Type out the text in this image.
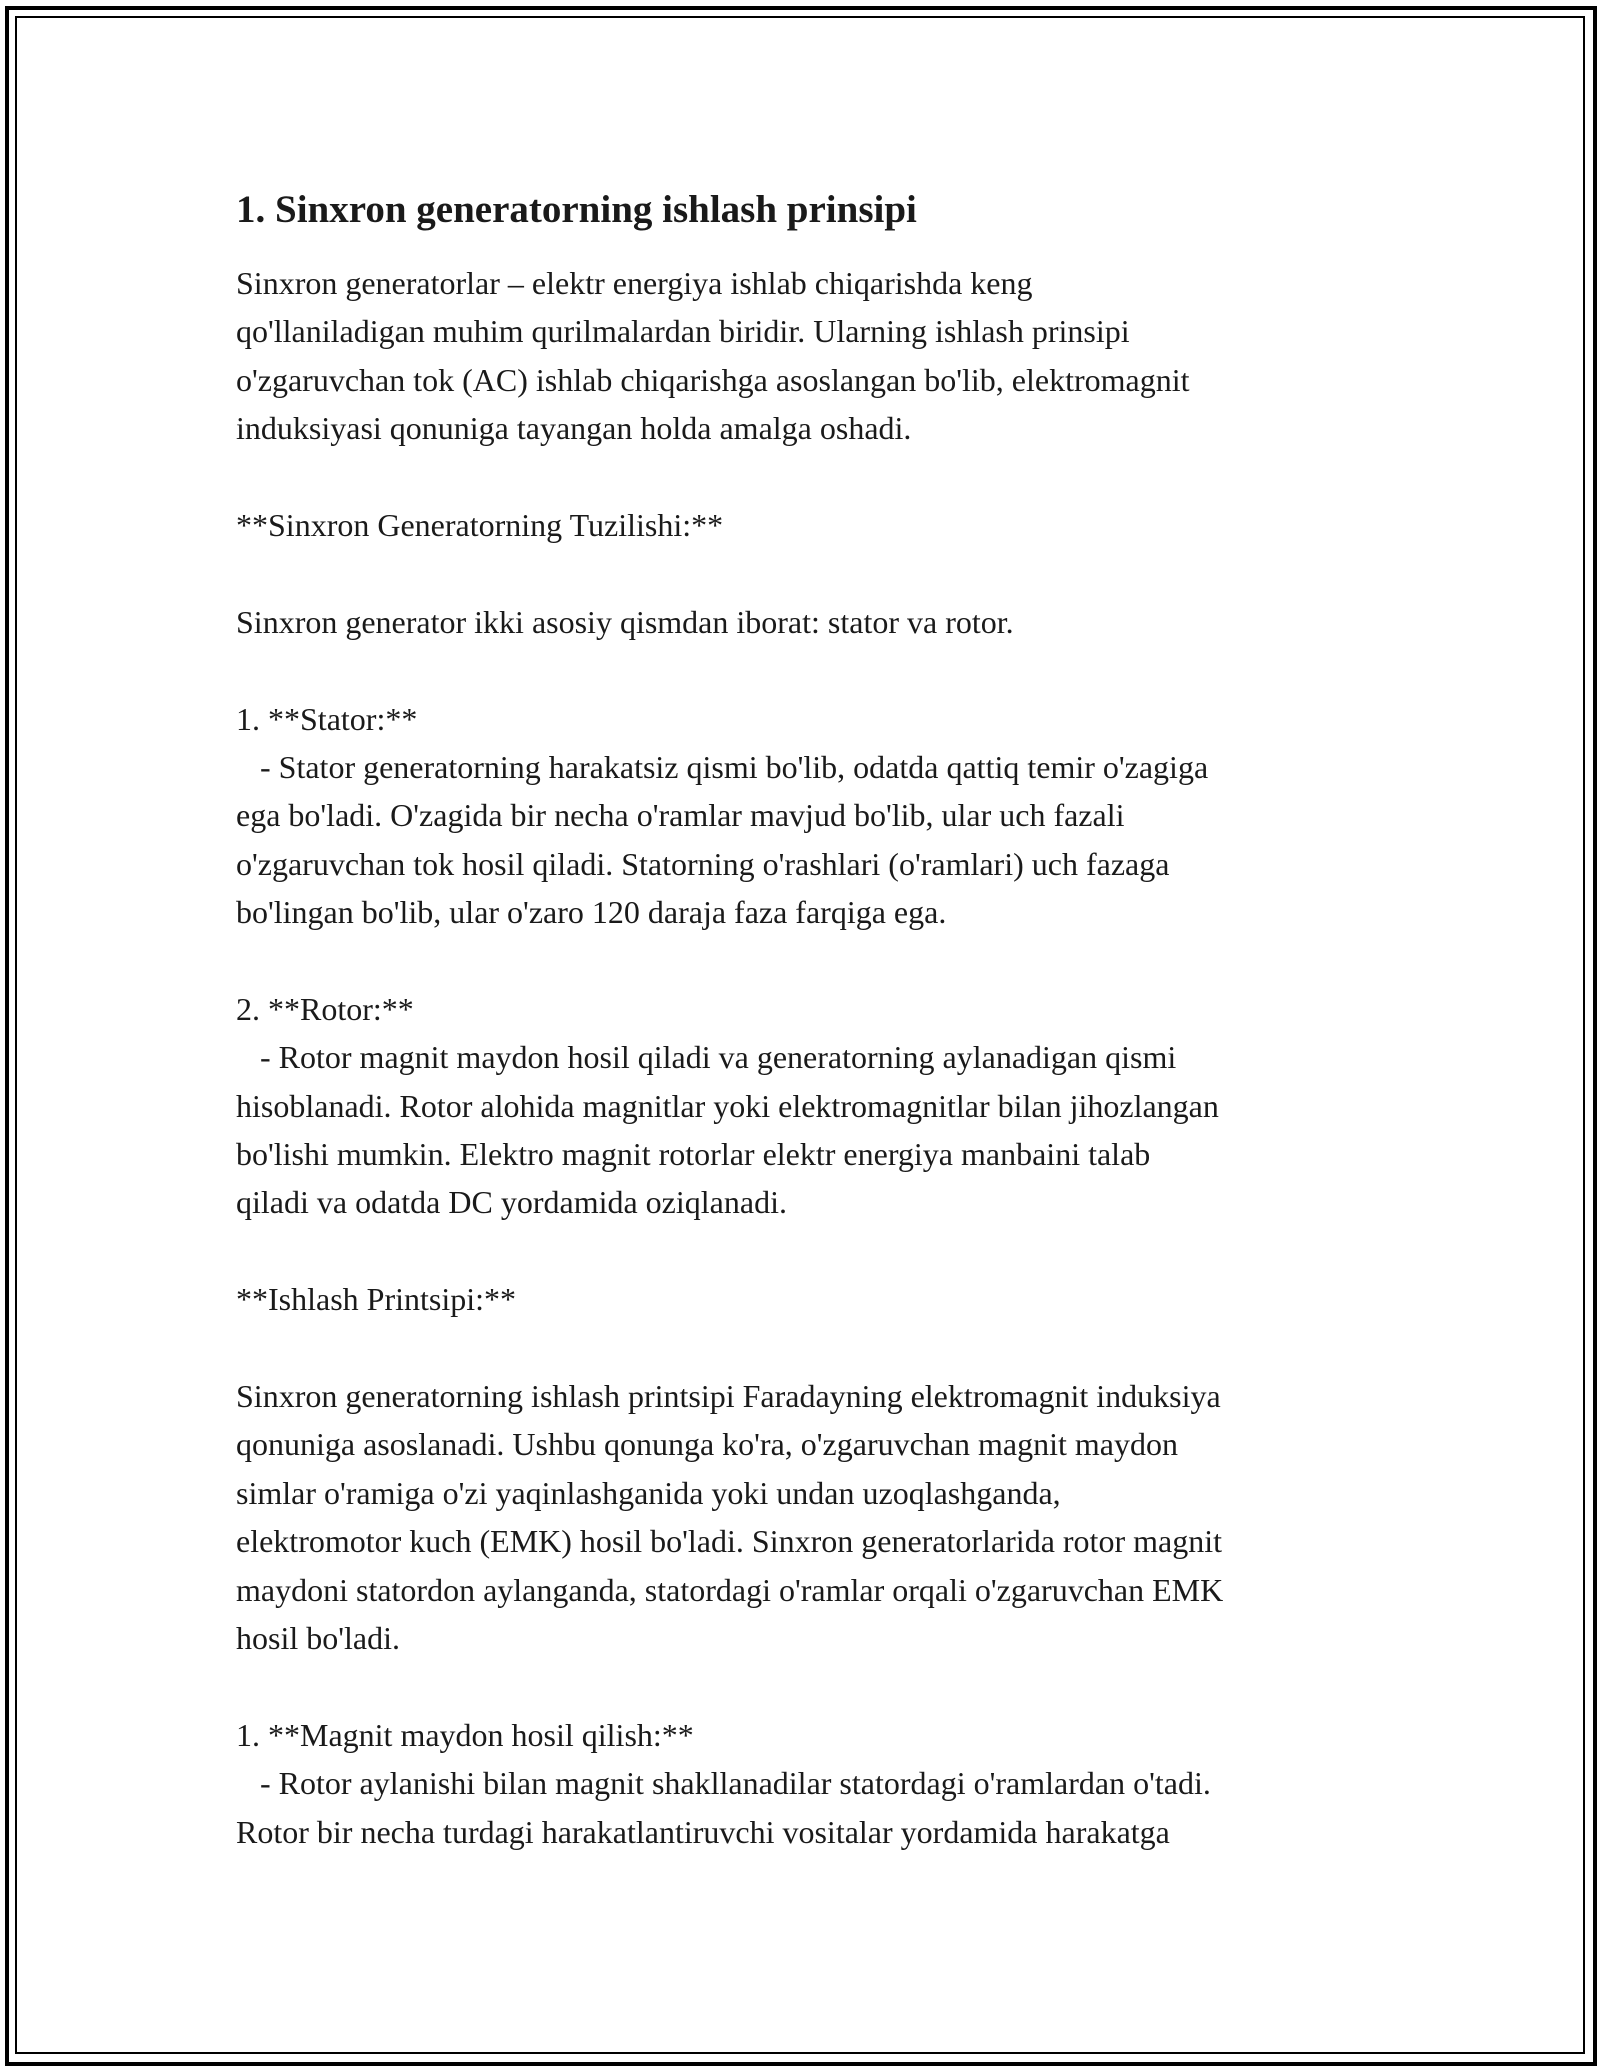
1. Sinxron generatorning ishlash prinsipi
Sinxron generatorlar – elektr energiya ishlab chiqarishda keng
qo'llaniladigan muhim qurilmalardan biridir. Ularning ishlash prinsipi
o'zgaruvchan tok (AC) ishlab chiqarishga asoslangan bo'lib, elektromagnit
induksiyasi qonuniga tayangan holda amalga oshadi.
**Sinxron Generatorning Tuzilishi:**
Sinxron generator ikki asosiy qismdan iborat: stator va rotor.
1. **Stator:**
- Stator generatorning harakatsiz qismi bo'lib, odatda qattiq temir o'zagiga
ega bo'ladi. O'zagida bir necha o'ramlar mavjud bo'lib, ular uch fazali
o'zgaruvchan tok hosil qiladi. Statorning o'rashlari (o'ramlari) uch fazaga
bo'lingan bo'lib, ular o'zaro 120 daraja faza farqiga ega.
2. **Rotor:**
- Rotor magnit maydon hosil qiladi va generatorning aylanadigan qismi
hisoblanadi. Rotor alohida magnitlar yoki elektromagnitlar bilan jihozlangan
bo'lishi mumkin. Elektro magnit rotorlar elektr energiya manbaini talab
qiladi va odatda DC yordamida oziqlanadi.
**Ishlash Printsipi:**
Sinxron generatorning ishlash printsipi Faradayning elektromagnit induksiya
qonuniga asoslanadi. Ushbu qonunga ko'ra, o'zgaruvchan magnit maydon
simlar o'ramiga o'zi yaqinlashganida yoki undan uzoqlashganda,
elektromotor kuch (EMK) hosil bo'ladi. Sinxron generatorlarida rotor magnit
maydoni statordon aylanganda, statordagi o'ramlar orqali o'zgaruvchan EMK
hosil bo'ladi.
1. **Magnit maydon hosil qilish:**
- Rotor aylanishi bilan magnit shakllanadilar statordagi o'ramlardan o'tadi.
Rotor bir necha turdagi harakatlantiruvchi vositalar yordamida harakatga
